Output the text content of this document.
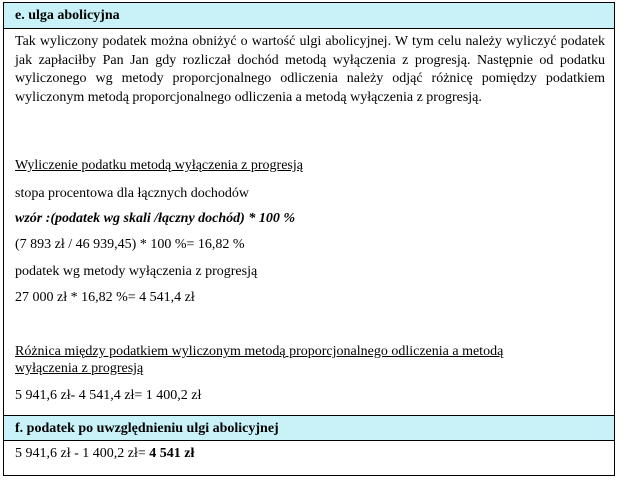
e. ulga abolicyjna

Tak wyliczony podatek można obniżyć o wartość ulgi abolicyjnej. W tym celu należy wyliczyć podatek jak zapłaciłby Pan Jan gdy rozliczał dochód metodą wyłączenia z progresją. Następnie od podatku wyliczonego wg metody proporcjonalnego odliczenia należy odjąć różnicę pomiędzy podatkiem wyliczonym metodą proporcjonalnego odliczenia a metodą wyłączenia z progresją.

Wyliczenie podatku metodą wyłączenia z progresją
stopa procentowa dla łącznych dochodów
wzór :(podatek wg skali /łączny dochód) * 100 %
(7 893 zł / 46 939,45) * 100 %= 16,82 %
podatek wg metody wyłączenia z progresją
27 000 zł * 16,82 %= 4 541,4 zł
Różnica między podatkiem wyliczonym metodą proporcjonalnego odliczenia a metodą
wyłączenia z progresją
5 941,6 zł- 4 541,4 zł= 1 400,2 zł
f. podatek po uwzględnieniu ulgi abolicyjnej
5 941,6 zł - 1 400,2 zł= 4 541 zł
